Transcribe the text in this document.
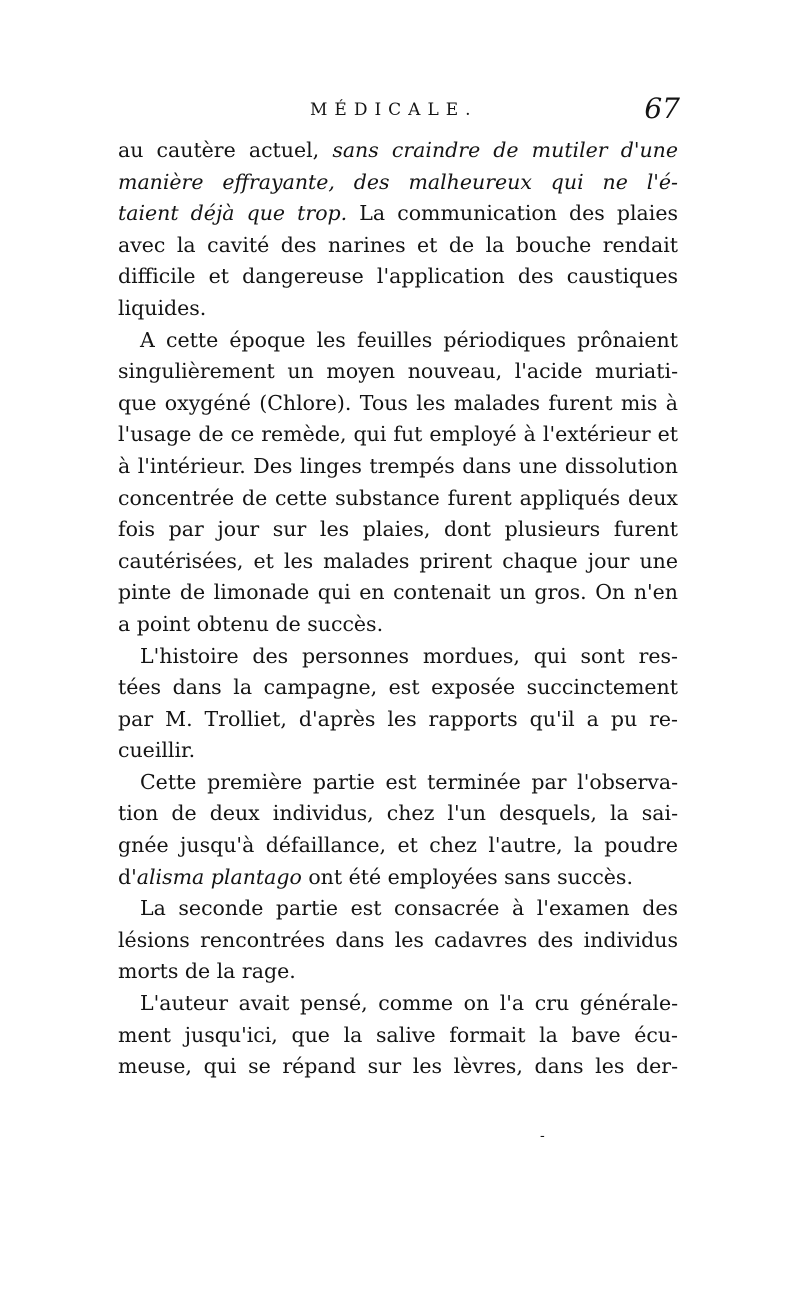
MÉDICALE.	67
au cautère actuel, sans craindre de mutiler d'une
manière effrayante, des malheureux qui ne l'é-
taient déjà que trop. La communication des plaies
avec la cavité des narines et de la bouche rendait
difficile et dangereuse l'application des caustiques
liquides.
A cette époque les feuilles périodiques prônaient
singulièrement un moyen nouveau, l'acide muriati-
que oxygéné (Chlore). Tous les malades furent mis à
l'usage de ce remède, qui fut employé à l'extérieur et
à l'intérieur. Des linges trempés dans une dissolution
concentrée de cette substance furent appliqués deux
fois par jour sur les plaies, dont plusieurs furent
cautérisées, et les malades prirent chaque jour une
pinte de limonade qui en contenait un gros. On n'en
a point obtenu de succès.
L'histoire des personnes mordues, qui sont res-
tées dans la campagne, est exposée succinctement
par M. Trolliet, d'après les rapports qu'il a pu re-
cueillir.
Cette première partie est terminée par l'observa-
tion de deux individus, chez l'un desquels, la sai-
gnée jusqu'à défaillance, et chez l'autre, la poudre
d'alisma plantago ont été employées sans succès.
La seconde partie est consacrée à l'examen des
lésions rencontrées dans les cadavres des individus
morts de la rage.
L'auteur avait pensé, comme on l'a cru générale-
ment jusqu'ici, que la salive formait la bave écu-
meuse, qui se répand sur les lèvres, dans les der-
-
